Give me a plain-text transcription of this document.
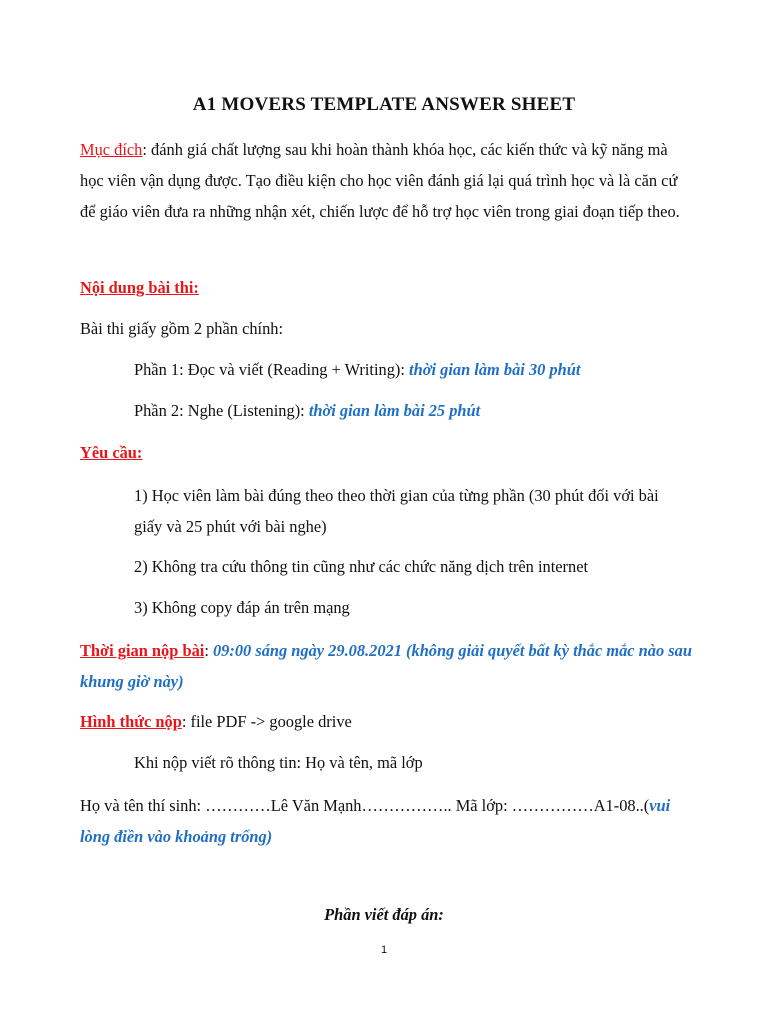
A1 MOVERS TEMPLATE ANSWER SHEET
Mục đích: đánh giá chất lượng sau khi hoàn thành khóa học, các kiến thức và kỹ năng mà học viên vận dụng được. Tạo điều kiện cho học viên đánh giá lại quá trình học và là căn cứ để giáo viên đưa ra những nhận xét, chiến lược để hỗ trợ học viên trong giai đoạn tiếp theo.
Nội dung bài thi:
Bài thi giấy gồm 2 phần chính:
Phần 1: Đọc và viết (Reading + Writing): thời gian làm bài 30 phút
Phần 2: Nghe (Listening): thời gian làm bài 25 phút
Yêu cầu:
1) Học viên làm bài đúng theo theo thời gian của từng phần (30 phút đối với bài giấy và 25 phút với bài nghe)
2) Không tra cứu thông tin cũng như các chức năng dịch trên internet
3) Không copy đáp án trên mạng
Thời gian nộp bài: 09:00 sáng ngày 29.08.2021 (không giải quyết bất kỳ thắc mắc nào sau khung giờ này)
Hình thức nộp: file PDF -> google drive
Khi nộp viết rõ thông tin: Họ và tên, mã lớp
Họ và tên thí sinh: …………Lê Văn Mạnh…………….. Mã lớp: ……………A1-08..(vui lòng điền vào khoảng trống)
Phần viết đáp án:
1
